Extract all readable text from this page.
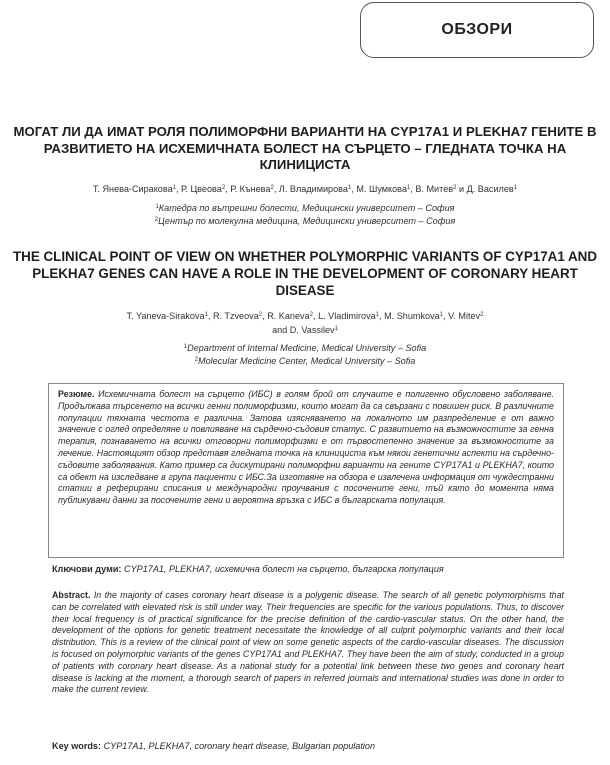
ОБЗОРИ
МОГАТ ЛИ ДА ИМАТ РОЛЯ ПОЛИМОРФНИ ВАРИАНТИ НА CYP17A1 И PLEKHA7 ГЕНИТЕ В РАЗВИТИЕТО НА ИСХЕМИЧНАТА БОЛЕСТ НА СЪРЦЕТО – ГЛЕДНАТА ТОЧКА НА КЛИНИЦИСТА

Т. Янева-Сиракова$^1$, Р. Цвеова$^2$, Р. Кънева$^2$, Л. Владимирова$^1$, М. Шумкова$^1$, В. Митев$^2$ и Д. Василев$^1$

$^1$Катедра по вътрешни болести, Медицински университет – София
$^2$Център по молекулна медицина, Медицински университет – София
THE CLINICAL POINT OF VIEW ON WHETHER POLYMORPHIC VARIANTS OF CYP17A1 AND PLEKHA7 GENES CAN HAVE A ROLE IN THE DEVELOPMENT OF CORONARY HEART DISEASE

T. Yaneva-Sirakova$^1$, R. Tzveova$^2$, R. Kaneva$^2$, L. Vladimirova$^1$, M. Shumkova$^1$, V. Mitev$^2$
and D. Vassilev$^1$

$^1$Department of Internal Medicine, Medical University – Sofia
$^2$Molecular Medicine Center, Medical University – Sofia
Резюме. Исхемичната болест на сърцето (ИБС) в голям брой от случаите е полигенно обусловено заболяване. Продължава търсенето на всички генни полиморфизми, които могат да са свързани с повишен риск. В различните популации тяхната честота е различна. Затова изясняването на локалното им разпределение е от важно значение с оглед определяне и повлияване на сърдечно-съдовия статус. С развитието на възможностите за генна терапия, познаването на всички отговорни полиморфизми е от първостепенно значение за възможностите за лечение. Настоящият обзор представя гледната точка на клиницистa към някои генетични аспекти на сърдечно-съдовите заболявания. Като пример са дискутирани полиморфни варианти на гените CYP17A1 и PLEKHA7, които са обект на изследване в група пациенти с ИБС.За изготвяне на обзора е извлечена информация от чуждестранни статии в реферирани списания и международни проучвания с посочените гени, тъй като до момента няма публикувани данни за посочените гени и вероятна връзка с ИБС в българската популация.

Ключови думи: CYP17A1, PLEKHA7, исхемична болест на сърцето, българска популация

Abstract. In the majority of cases coronary heart disease is a polygenic disease. The search of all genetic polymorphisms that can be correlated with elevated risk is still under way. Their frequencies are specific for the various populations. Thus, to discover their local frequency is of practical significance for the precise definition of the cardio-vascular status. On the other hand, the development of the options for genetic treatment necessitate the knowledge of all culprit polymorphic variants and their local distribution. This is a review of the clinical point of view on some genetic aspects of the cardio-vascular diseases. The discussion is focused on polymorphic variants of the genes CYP17A1 and PLEKHA7. They have been the aim of study, conducted in a group of patients with coronary heart disease. As a national study for a potential link between these two genes and coronary heart disease is lacking at the moment, a thorough search of papers in referred journals and international studies was done in order to make the current review.

Key words: CYP17A1, PLEKHA7, coronary heart disease, Bulgarian population
